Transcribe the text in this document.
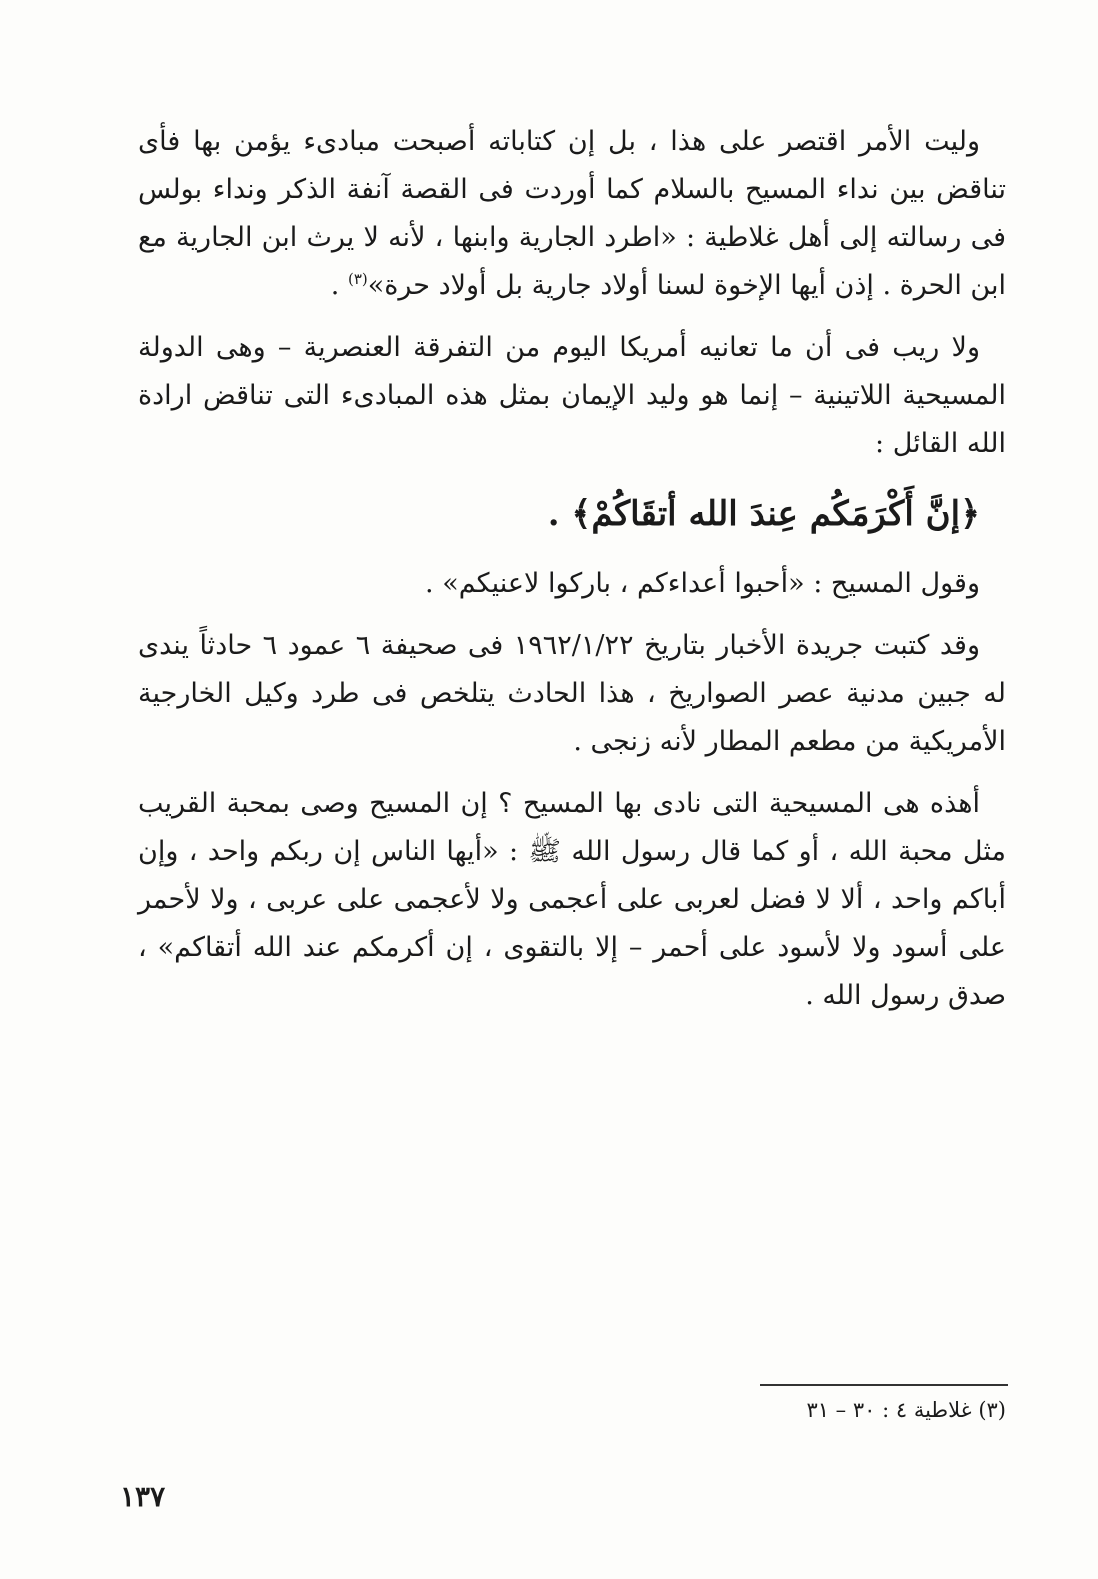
وليت الأمر اقتصر على هذا ، بل إن كتاباته أصبحت مبادىء يؤمن بها فأى تناقض بين نداء المسيح بالسلام كما أوردت فى القصة آنفة الذكر ونداء بولس فى رسالته إلى أهل غلاطية : «اطرد الجارية وابنها ، لأنه لا يرث ابن الجارية مع ابن الحرة . إذن أيها الإخوة لسنا أولاد جارية بل أولاد حرة»$^{(٣)}$ .

ولا ريب فى أن ما تعانيه أمريكا اليوم من التفرقة العنصرية – وهى الدولة المسيحية اللاتينية – إنما هو وليد الإيمان بمثل هذه المبادىء التى تناقض ارادة الله القائل :

﴿إنَّ أَكْرَمَكُم عِندَ الله أتقَاكُمْ﴾ .

وقول المسيح : «أحبوا أعداءكم ، باركوا لاعنيكم» .

وقد كتبت جريدة الأخبار بتاريخ ١٩٦٢/١/٢٢ فى صحيفة ٦ عمود ٦ حادثاً يندى له جبين مدنية عصر الصواريخ ، هذا الحادث يتلخص فى طرد وكيل الخارجية الأمريكية من مطعم المطار لأنه زنجى .

أهذه هى المسيحية التى نادى بها المسيح ؟ إن المسيح وصى بمحبة القريب مثل محبة الله ، أو كما قال رسول الله ﷺ : «أيها الناس إن ربكم واحد ، وإن أباكم واحد ، ألا لا فضل لعربى على أعجمى ولا لأعجمى على عربى ، ولا لأحمر على أسود ولا لأسود على أحمر – إلا بالتقوى ، إن أكرمكم عند الله أتقاكم» ، صدق رسول الله .

(٣) غلاطية ٤ : ٣٠ – ٣١
١٣٧
